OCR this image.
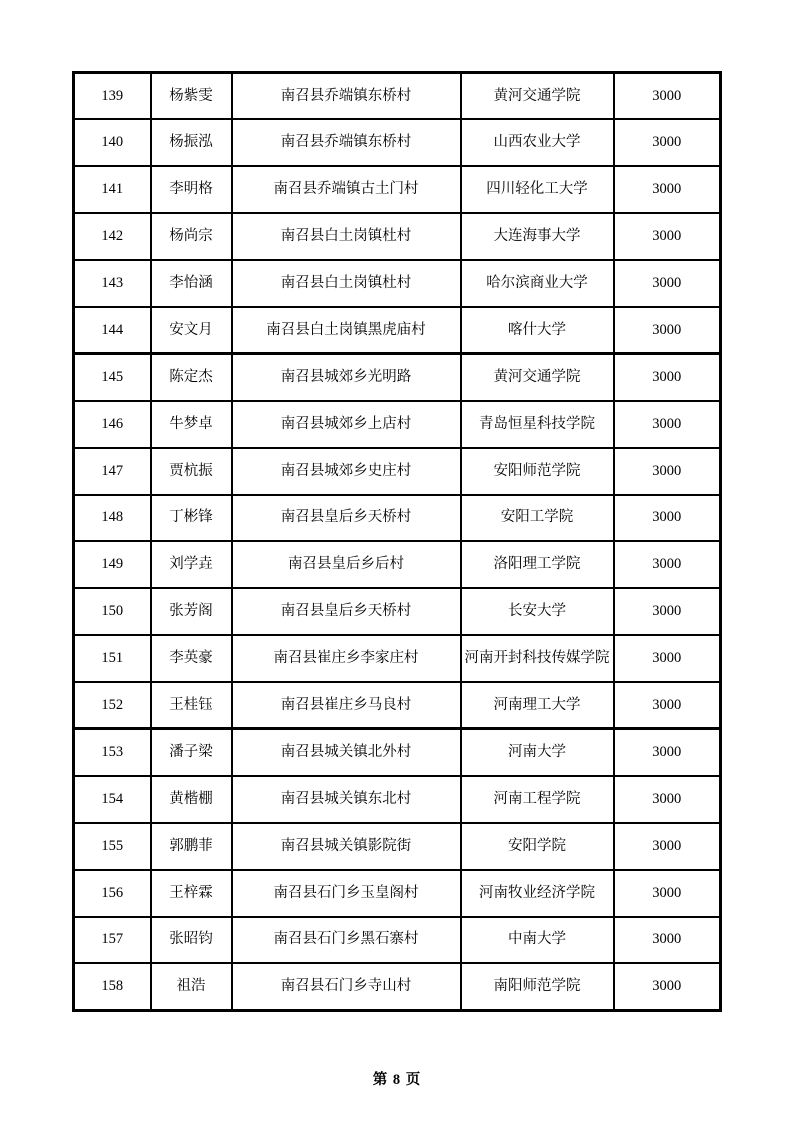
139	杨紫雯	南召县乔端镇东桥村	黄河交通学院	3000
140	杨振泓	南召县乔端镇东桥村	山西农业大学	3000
141	李明格	南召县乔端镇古土门村	四川轻化工大学	3000
142	杨尚宗	南召县白土岗镇杜村	大连海事大学	3000
143	李怡涵	南召县白土岗镇杜村	哈尔滨商业大学	3000
144	安文月	南召县白土岗镇黑虎庙村	喀什大学	3000
145	陈定杰	南召县城郊乡光明路	黄河交通学院	3000
146	牛梦卓	南召县城郊乡上店村	青岛恒星科技学院	3000
147	贾杭振	南召县城郊乡史庄村	安阳师范学院	3000
148	丁彬锋	南召县皇后乡天桥村	安阳工学院	3000
149	刘学垚	南召县皇后乡后村	洛阳理工学院	3000
150	张芳阁	南召县皇后乡天桥村	长安大学	3000
151	李英豪	南召县崔庄乡李家庄村	河南开封科技传媒学院	3000
152	王桂钰	南召县崔庄乡马良村	河南理工大学	3000
153	潘子梁	南召县城关镇北外村	河南大学	3000
154	黄楷棚	南召县城关镇东北村	河南工程学院	3000
155	郭鹏菲	南召县城关镇影院街	安阳学院	3000
156	王梓霖	南召县石门乡玉皇阁村	河南牧业经济学院	3000
157	张昭钧	南召县石门乡黑石寨村	中南大学	3000
158	祖浩	南召县石门乡寺山村	南阳师范学院	3000
第 8 页
